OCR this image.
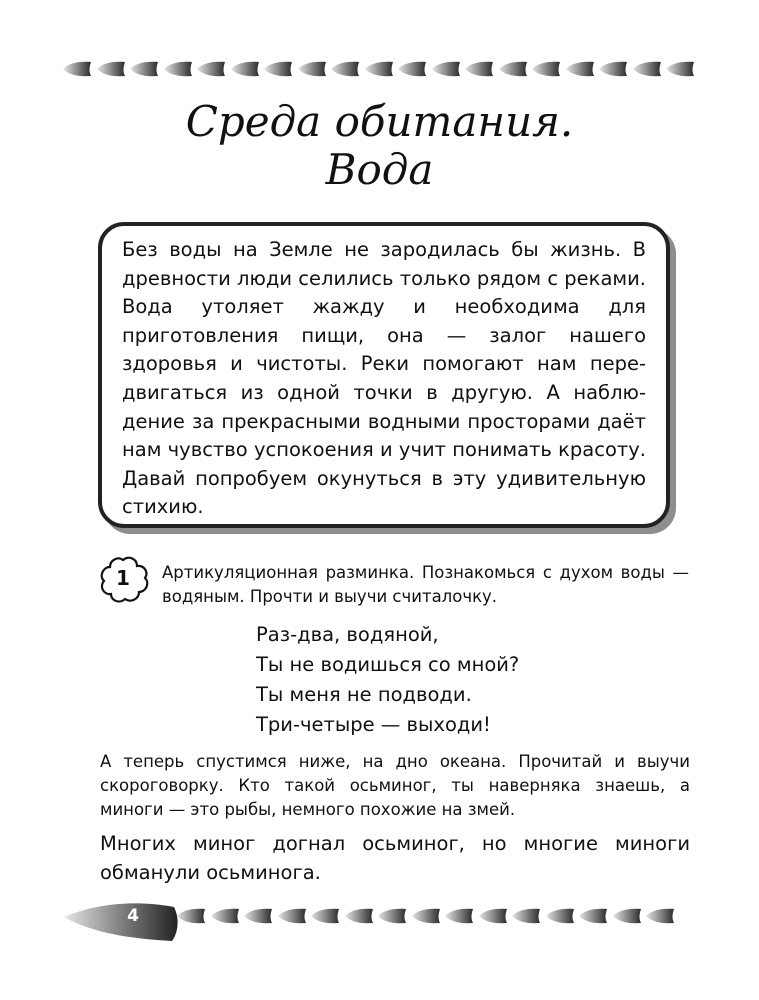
Среда обитания.
Вода

Без воды на Земле не зародилась бы жизнь. В древности люди селились только рядом с реками. Вода утоляет жажду и необходима для приготовления пищи, она — залог нашего здоровья и чистоты. Реки помогают нам передвигаться из одной точки в другую. А наблюдение за прекрасными водными просторами даёт нам чувство успокоения и учит понимать красоту. Давай попробуем окунуться в эту удивительную стихию.

1	Артикуляционная разминка. Познакомься с духом воды — водяным. Прочти и выучи считалочку.

Раз-два, водяной,
Ты не водишься со мной?
Ты меня не подводи.
Три-четыре — выходи!

А теперь спустимся ниже, на дно океана. Прочитай и выучи скороговорку. Кто такой осьминог, ты наверняка знаешь, а миноги — это рыбы, немного похожие на змей.

Многих миног догнал осьминог, но многие миноги обманули осьминога.

4
